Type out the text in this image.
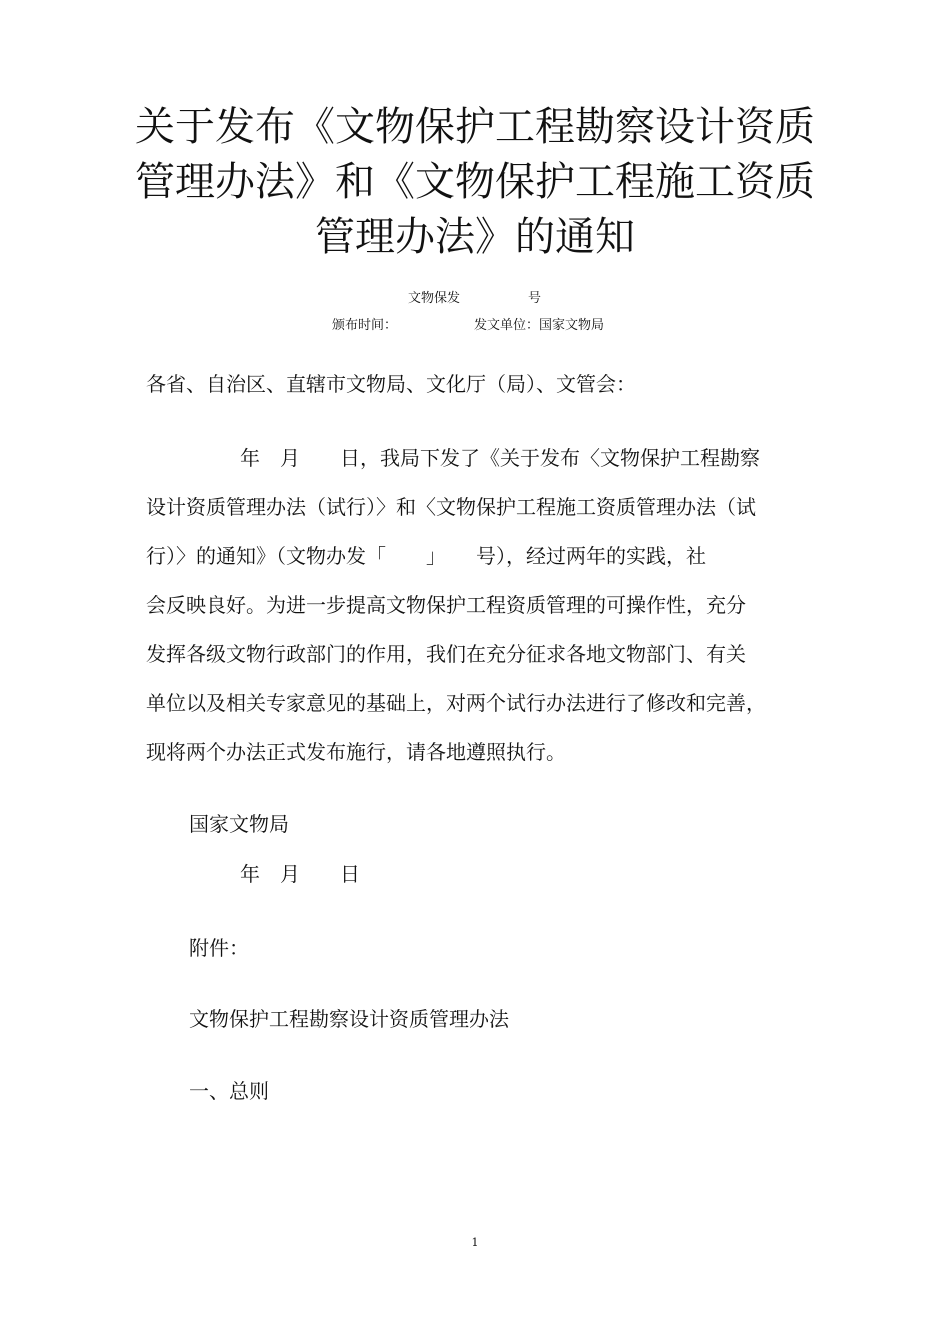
关于发布《文物保护工程勘察设计资质
管理办法》和《文物保护工程施工资质
管理办法》的通知
文物保发	号
颁布时间：	发文单位：国家文物局
各省、自治区、直辖市文物局、文化厅（局）、文管会：
年　月　　日，我局下发了《关于发布〈文物保护工程勘察
设计资质管理办法（试行）〉和〈文物保护工程施工资质管理办法（试
行）〉的通知》（文物办发「　　」　　号），经过两年的实践，社
会反映良好。为进一步提高文物保护工程资质管理的可操作性，充分
发挥各级文物行政部门的作用，我们在充分征求各地文物部门、有关
单位以及相关专家意见的基础上，对两个试行办法进行了修改和完善，
现将两个办法正式发布施行，请各地遵照执行。
国家文物局
年　月　　日
附件：
文物保护工程勘察设计资质管理办法
一、总则
1
